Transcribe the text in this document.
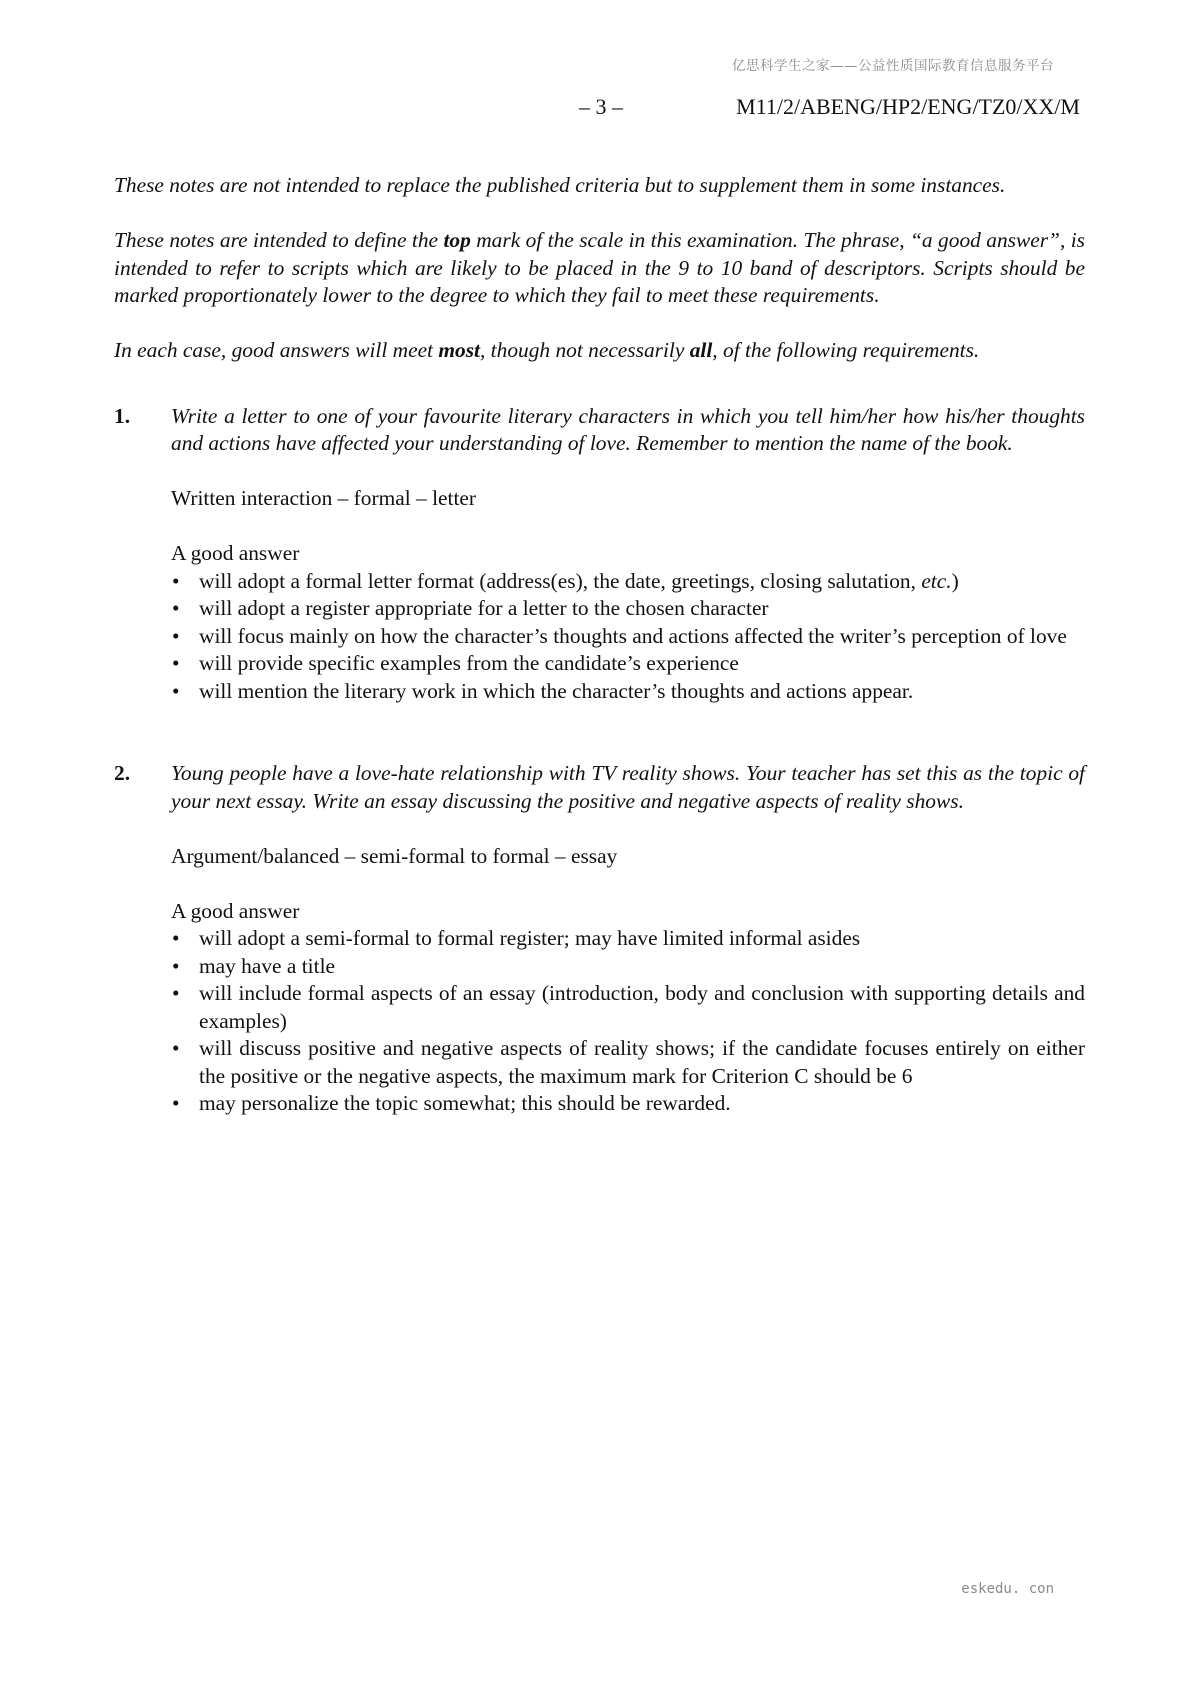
亿思科学生之家——公益性质国际教育信息服务平台
– 3 –	M11/2/ABENG/HP2/ENG/TZ0/XX/M

These notes are not intended to replace the published criteria but to supplement them in some instances.

These notes are intended to define the top mark of the scale in this examination. The phrase, “a good answer”, is intended to refer to scripts which are likely to be placed in the 9 to 10 band of descriptors. Scripts should be marked proportionately lower to the degree to which they fail to meet these requirements.

In each case, good answers will meet most, though not necessarily all, of the following requirements.

1. Write a letter to one of your favourite literary characters in which you tell him/her how his/her thoughts and actions have affected your understanding of love. Remember to mention the name of the book.

Written interaction – formal – letter

A good answer

• will adopt a formal letter format (address(es), the date, greetings, closing salutation, etc.)
• will adopt a register appropriate for a letter to the chosen character
• will focus mainly on how the character’s thoughts and actions affected the writer’s perception of love
• will provide specific examples from the candidate’s experience
• will mention the literary work in which the character’s thoughts and actions appear.
2. Young people have a love-hate relationship with TV reality shows. Your teacher has set this as the topic of your next essay. Write an essay discussing the positive and negative aspects of reality shows.

Argument/balanced – semi-formal to formal – essay

A good answer

• will adopt a semi-formal to formal register; may have limited informal asides
• may have a title
• will include formal aspects of an essay (introduction, body and conclusion with supporting details and examples)
• will discuss positive and negative aspects of reality shows; if the candidate focuses entirely on either the positive or the negative aspects, the maximum mark for Criterion C should be 6
• may personalize the topic somewhat; this should be rewarded.
eskedu. con
